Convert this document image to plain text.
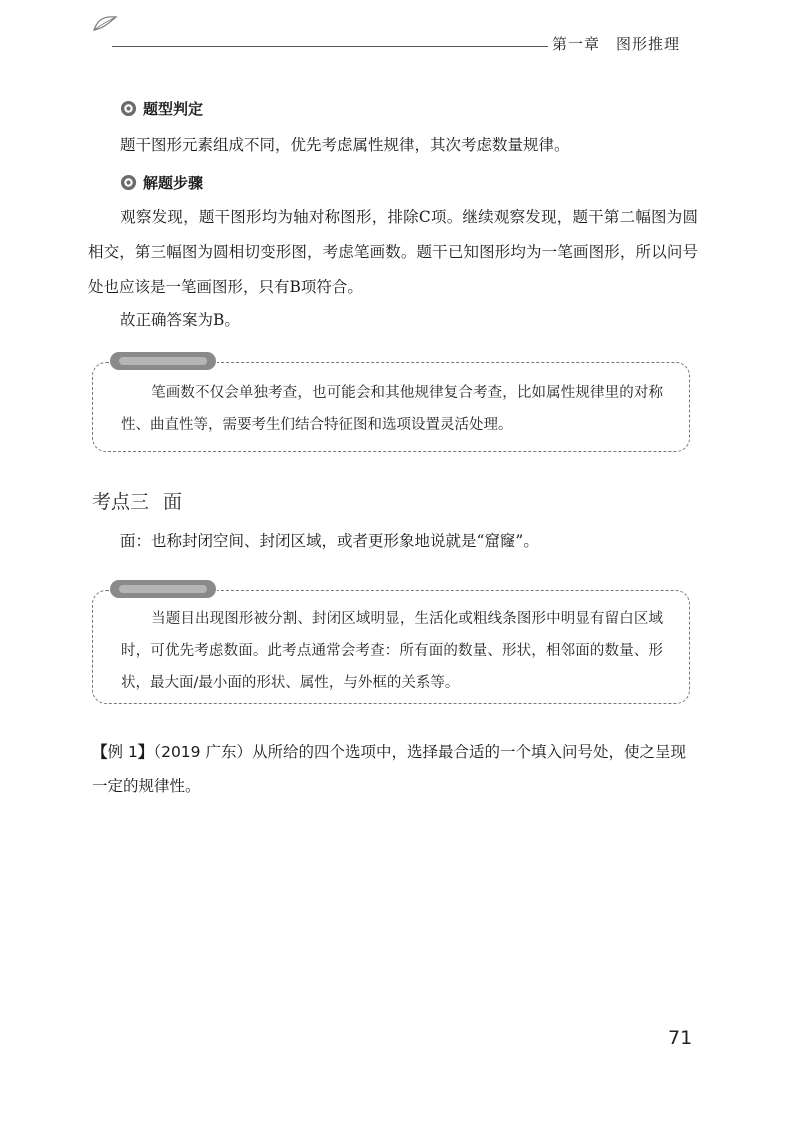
第一章 图形推理
题型判定
题干图形元素组成不同，优先考虑属性规律，其次考虑数量规律。
解题步骤
观察发现，题干图形均为轴对称图形，排除C项。继续观察发现，题干第二幅图为圆相交，第三幅图为圆相切变形图，考虑笔画数。题干已知图形均为一笔画图形，所以问号处也应该是一笔画图形，只有B项符合。
故正确答案为B。
笔画数不仅会单独考查，也可能会和其他规律复合考查，比如属性规律里的对称性、曲直性等，需要考生们结合特征图和选项设置灵活处理。
考点三 面
面：也称封闭空间、封闭区域，或者更形象地说就是“窟窿”。
当题目出现图形被分割、封闭区域明显，生活化或粗线条图形中明显有留白区域时，可优先考虑数面。此考点通常会考查：所有面的数量、形状，相邻面的数量、形状，最大面/最小面的形状、属性，与外框的关系等。
【例 1】（2019 广东）从所给的四个选项中，选择最合适的一个填入问号处，使之呈现一定的规律性。
71
